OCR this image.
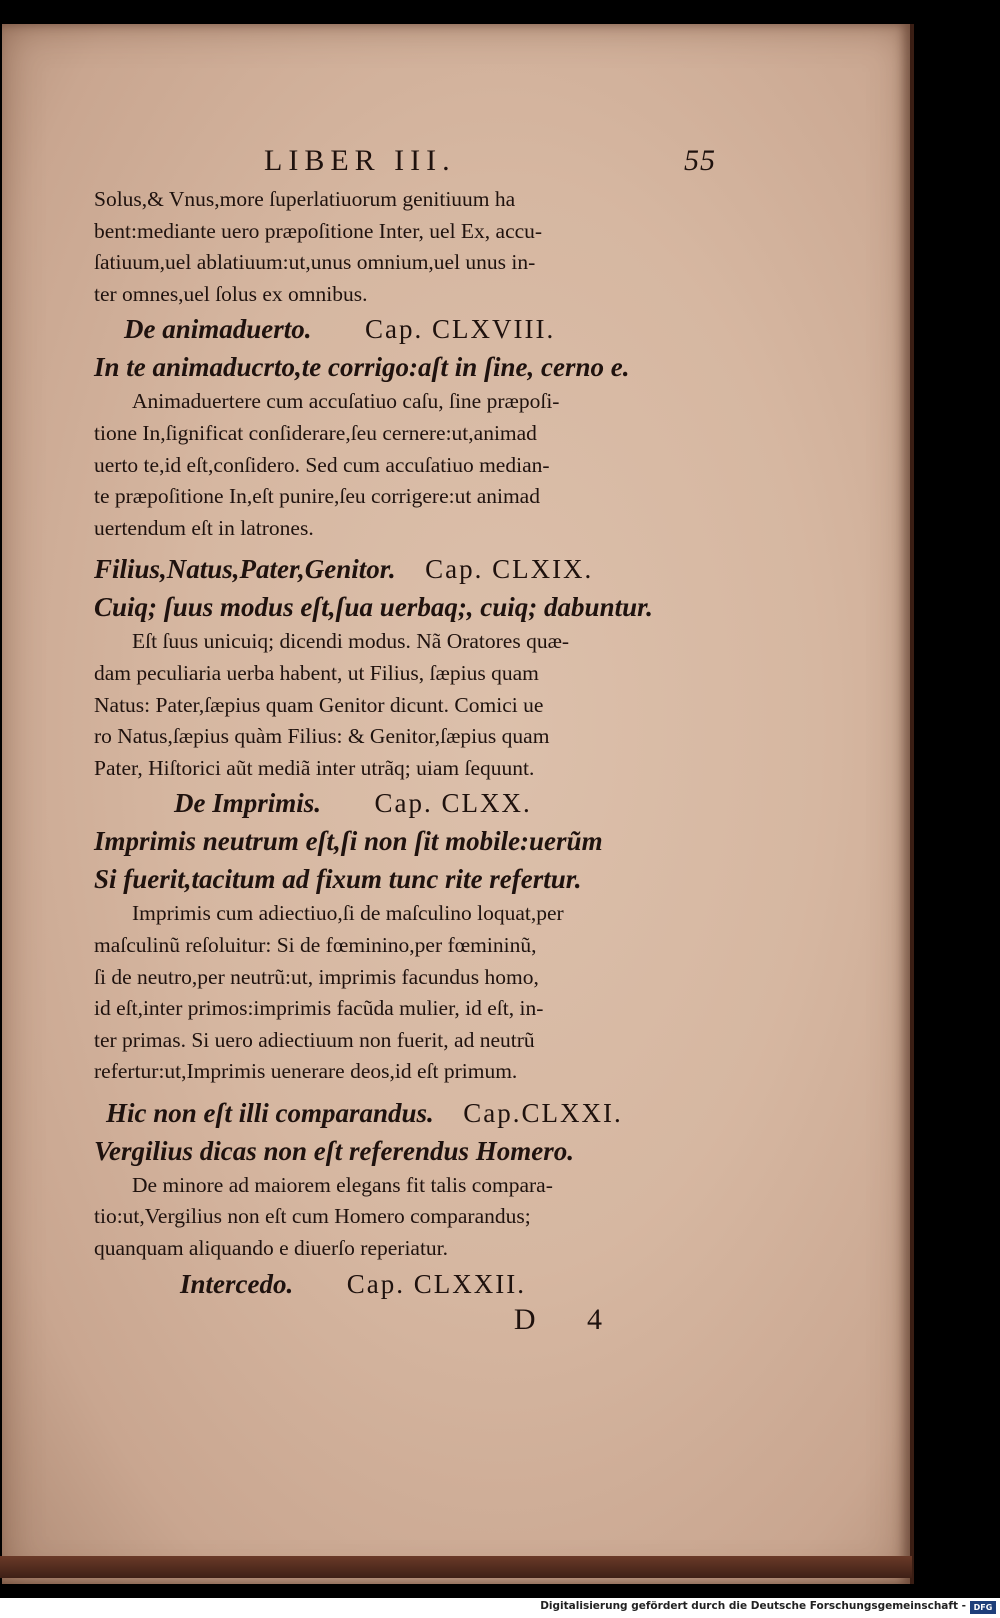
LIBER III.	55

Solus,& Vnus,more ſuperlatiuorum genitiuum ha
bent:mediante uero præpoſitione Inter, uel Ex, accu-
ſatiuum,uel ablatiuum:ut,unus omnium,uel unus in-
ter omnes,uel ſolus ex omnibus.

De animaduerto. Cap. CLXVIII.

In te animaducrto,te corrigo:aſt in ſine, cerno e.

Animaduertere cum accuſatiuo caſu, ſine præpoſi-
tione In,ſignificat conſiderare,ſeu cernere:ut,animad
uerto te,id eſt,conſidero. Sed cum accuſatiuo median-
te præpoſitione In,eſt punire,ſeu corrigere:ut animad
uertendum eſt in latrones.

Filius,Natus,Pater,Genitor. Cap. CLXIX.

Cuiq; ſuus modus eſt,ſua uerbaq;, cuiq; dabuntur.

Eſt ſuus unicuiq; dicendi modus. Nã Oratores quæ-
dam peculiaria uerba habent, ut Filius, ſæpius quam
Natus: Pater,ſæpius quam Genitor dicunt. Comici ue
ro Natus,ſæpius quàm Filius: & Genitor,ſæpius quam
Pater, Hiſtorici aũt mediã inter utrãq; uiam ſequunt.

De Imprimis. Cap. CLXX.

Imprimis neutrum eſt,ſi non ſit mobile:uerũm

Si fuerit,tacitum ad fixum tunc rite refertur.

Imprimis cum adiectiuo,ſi de maſculino loquat,per
maſculinũ reſoluitur: Si de fœminino,per fœmininũ,
ſi de neutro,per neutrũ:ut, imprimis facundus homo,
id eſt,inter primos:imprimis facũda mulier, id eſt, in-
ter primas. Si uero adiectiuum non fuerit, ad neutrũ
refertur:ut,Imprimis uenerare deos,id eſt primum.

Hic non eſt illi comparandus. Cap.CLXXI.

Vergilius dicas non eſt referendus Homero.

De minore ad maiorem elegans fit talis compara-
tio:ut,Vergilius non eſt cum Homero comparandus;
quanquam aliquando e diuerſo reperiatur.

Intercedo. Cap. CLXXII.

D 4
Digitalisierung gefördert durch die Deutsche Forschungsgemeinschaft - DFG
